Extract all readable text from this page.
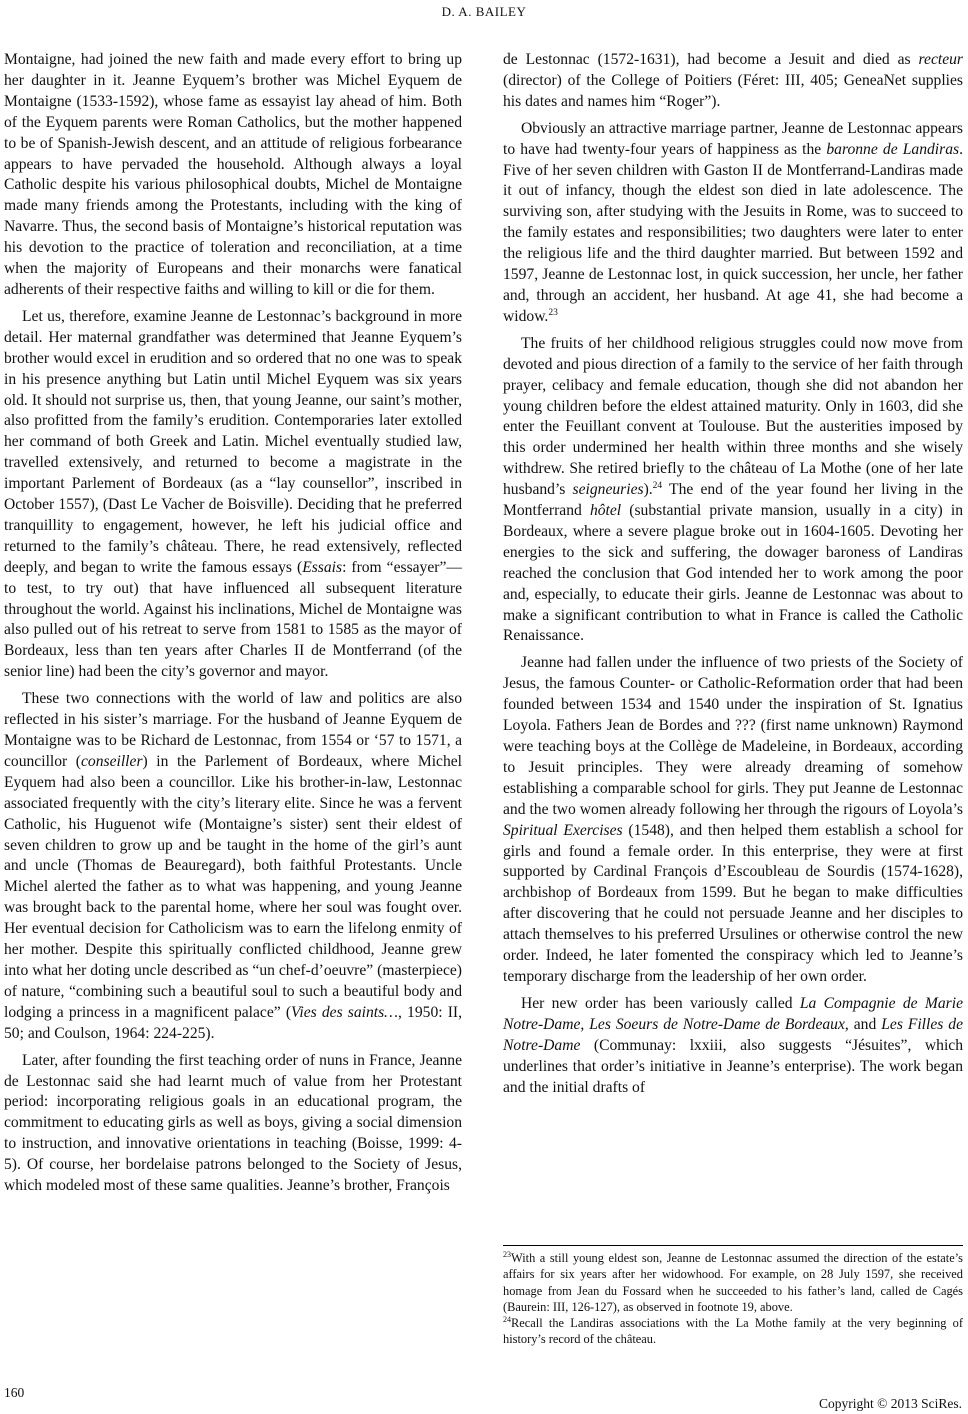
D. A. BAILEY

Montaigne, had joined the new faith and made every effort to bring up her daughter in it. Jeanne Eyquem’s brother was Michel Eyquem de Montaigne (1533-1592), whose fame as essayist lay ahead of him. Both of the Eyquem parents were Roman Catholics, but the mother happened to be of Spanish-Jewish descent, and an attitude of religious forbearance appears to have pervaded the household. Although always a loyal Catholic despite his various philosophical doubts, Michel de Montaigne made many friends among the Protestants, including with the king of Navarre. Thus, the second basis of Montaigne’s historical reputation was his devotion to the practice of toleration and reconciliation, at a time when the majority of Europeans and their monarchs were fanatical adherents of their respective faiths and willing to kill or die for them.

Let us, therefore, examine Jeanne de Lestonnac’s background in more detail. Her maternal grandfather was determined that Jeanne Eyquem’s brother would excel in erudition and so ordered that no one was to speak in his presence anything but Latin until Michel Eyquem was six years old. It should not surprise us, then, that young Jeanne, our saint’s mother, also profitted from the family’s erudition. Contemporaries later extolled her command of both Greek and Latin. Michel eventually studied law, travelled extensively, and returned to become a magistrate in the important Parlement of Bordeaux (as a “lay counsellor”, inscribed in October 1557), (Dast Le Vacher de Boisville). Deciding that he preferred tranquillity to engagement, however, he left his judicial office and returned to the family’s château. There, he read extensively, reflected deeply, and began to write the famous essays (Essais: from “essayer”—to test, to try out) that have influenced all subsequent literature throughout the world. Against his inclinations, Michel de Montaigne was also pulled out of his retreat to serve from 1581 to 1585 as the mayor of Bordeaux, less than ten years after Charles II de Montferrand (of the senior line) had been the city’s governor and mayor.

These two connections with the world of law and politics are also reflected in his sister’s marriage. For the husband of Jeanne Eyquem de Montaigne was to be Richard de Lestonnac, from 1554 or ‘57 to 1571, a councillor (conseiller) in the Parlement of Bordeaux, where Michel Eyquem had also been a councillor. Like his brother-in-law, Lestonnac associated frequently with the city’s literary elite. Since he was a fervent Catholic, his Huguenot wife (Montaigne’s sister) sent their eldest of seven children to grow up and be taught in the home of the girl’s aunt and uncle (Thomas de Beauregard), both faithful Protestants. Uncle Michel alerted the father as to what was happening, and young Jeanne was brought back to the parental home, where her soul was fought over. Her eventual decision for Catholicism was to earn the lifelong enmity of her mother. Despite this spiritually conflicted childhood, Jeanne grew into what her doting uncle described as “un chef-d’oeuvre” (masterpiece) of nature, “combining such a beautiful soul to such a beautiful body and lodging a princess in a magnificent palace” (Vies des saints…, 1950: II, 50; and Coulson, 1964: 224-225).

Later, after founding the first teaching order of nuns in France, Jeanne de Lestonnac said she had learnt much of value from her Protestant period: incorporating religious goals in an educational program, the commitment to educating girls as well as boys, giving a social dimension to instruction, and innovative orientations in teaching (Boisse, 1999: 4-5). Of course, her bordelaise patrons belonged to the Society of Jesus, which modeled most of these same qualities. Jeanne’s brother, François

de Lestonnac (1572-1631), had become a Jesuit and died as recteur (director) of the College of Poitiers (Féret: III, 405; GeneaNet supplies his dates and names him “Roger”).

Obviously an attractive marriage partner, Jeanne de Lestonnac appears to have had twenty-four years of happiness as the baronne de Landiras. Five of her seven children with Gaston II de Montferrand-Landiras made it out of infancy, though the eldest son died in late adolescence. The surviving son, after studying with the Jesuits in Rome, was to succeed to the family estates and responsibilities; two daughters were later to enter the religious life and the third daughter married. But between 1592 and 1597, Jeanne de Lestonnac lost, in quick succession, her uncle, her father and, through an accident, her husband. At age 41, she had become a widow.$^{23}$

The fruits of her childhood religious struggles could now move from devoted and pious direction of a family to the service of her faith through prayer, celibacy and female education, though she did not abandon her young children before the eldest attained maturity. Only in 1603, did she enter the Feuillant convent at Toulouse. But the austerities imposed by this order undermined her health within three months and she wisely withdrew. She retired briefly to the château of La Mothe (one of her late husband’s seigneuries).$^{24}$ The end of the year found her living in the Montferrand hôtel (substantial private mansion, usually in a city) in Bordeaux, where a severe plague broke out in 1604-1605. Devoting her energies to the sick and suffering, the dowager baroness of Landiras reached the conclusion that God intended her to work among the poor and, especially, to educate their girls. Jeanne de Lestonnac was about to make a significant contribution to what in France is called the Catholic Renaissance.

Jeanne had fallen under the influence of two priests of the Society of Jesus, the famous Counter- or Catholic-Reformation order that had been founded between 1534 and 1540 under the inspiration of St. Ignatius Loyola. Fathers Jean de Bordes and ??? (first name unknown) Raymond were teaching boys at the Collège de Madeleine, in Bordeaux, according to Jesuit principles. They were already dreaming of somehow establishing a comparable school for girls. They put Jeanne de Lestonnac and the two women already following her through the rigours of Loyola’s Spiritual Exercises (1548), and then helped them establish a school for girls and found a female order. In this enterprise, they were at first supported by Cardinal François d’Escoubleau de Sourdis (1574-1628), archbishop of Bordeaux from 1599. But he began to make difficulties after discovering that he could not persuade Jeanne and her disciples to attach themselves to his preferred Ursulines or otherwise control the new order. Indeed, he later fomented the conspiracy which led to Jeanne’s temporary discharge from the leadership of her own order.

Her new order has been variously called La Compagnie de Marie Notre-Dame, Les Soeurs de Notre-Dame de Bordeaux, and Les Filles de Notre-Dame (Communay: lxxiii, also suggests “Jésuites”, which underlines that order’s initiative in Jeanne’s enterprise). The work began and the initial drafts of

$^{23}$With a still young eldest son, Jeanne de Lestonnac assumed the direction of the estate’s affairs for six years after her widowhood. For example, on 28 July 1597, she received homage from Jean du Fossard when he succeeded to his father’s land, called de Cagés (Baurein: III, 126-127), as observed in footnote 19, above.

$^{24}$Recall the Landiras associations with the La Mothe family at the very beginning of history’s record of the château.

160
Copyright © 2013 SciRes.
